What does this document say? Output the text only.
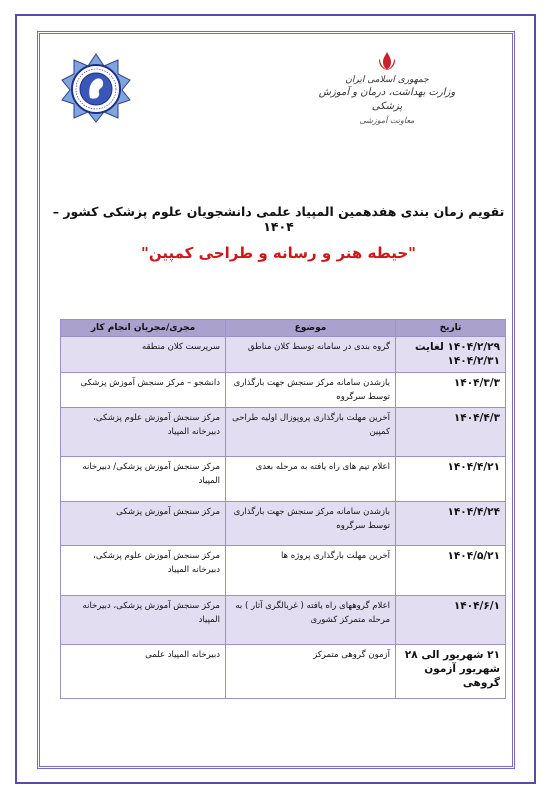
جمهوری اسلامی ایران
وزارت بهداشت، درمان و آموزش پزشکی
معاونت آموزشی
تقویم زمان بندی هفدهمین المپیاد علمی دانشجویان علوم پزشکی کشور – ۱۴۰۴
"حیطه هنر و رسانه و طراحی کمپین"
تاریخ	موضوع	مجری/مجریان انجام کار
۱۴۰۴/۲/۲۹ لغایت ۱۴۰۴/۲/۳۱	گروه بندی در سامانه توسط کلان مناطق	سرپرست کلان منطقه
۱۴۰۴/۳/۳	بازشدن سامانه مرکز سنجش جهت بارگذاری توسط سرگروه	دانشجو – مرکز سنجش آموزش پزشکی
۱۴۰۴/۴/۳	آخرین مهلت بارگذاری پروپوزال اولیه طراحی کمپین	مرکز سنجش آموزش علوم پزشکی، دبیرخانه المپیاد
۱۴۰۴/۴/۲۱	اعلام تیم های راه یافته به مرحله بعدی	مرکز سنجش آموزش پزشکی/ دبیرخانه المپیاد
۱۴۰۴/۴/۲۴	بازشدن سامانه مرکز سنجش جهت بارگذاری توسط سرگروه	مرکز سنجش آموزش پزشکی
۱۴۰۴/۵/۲۱	آخرین مهلت بارگذاری پروژه ها	مرکز سنجش آموزش علوم پزشکی، دبیرخانه المپیاد
۱۴۰۴/۶/۱	اعلام گروههای راه یافته ( غربالگری آثار ) به مرحله متمرکز کشوری	مرکز سنجش آموزش پزشکی، دبیرخانه المپیاد
۲۱ شهریور الی ۲۸ شهریور آزمون گروهی	آزمون گروهی متمرکز	دبیرخانه المپیاد علمی
